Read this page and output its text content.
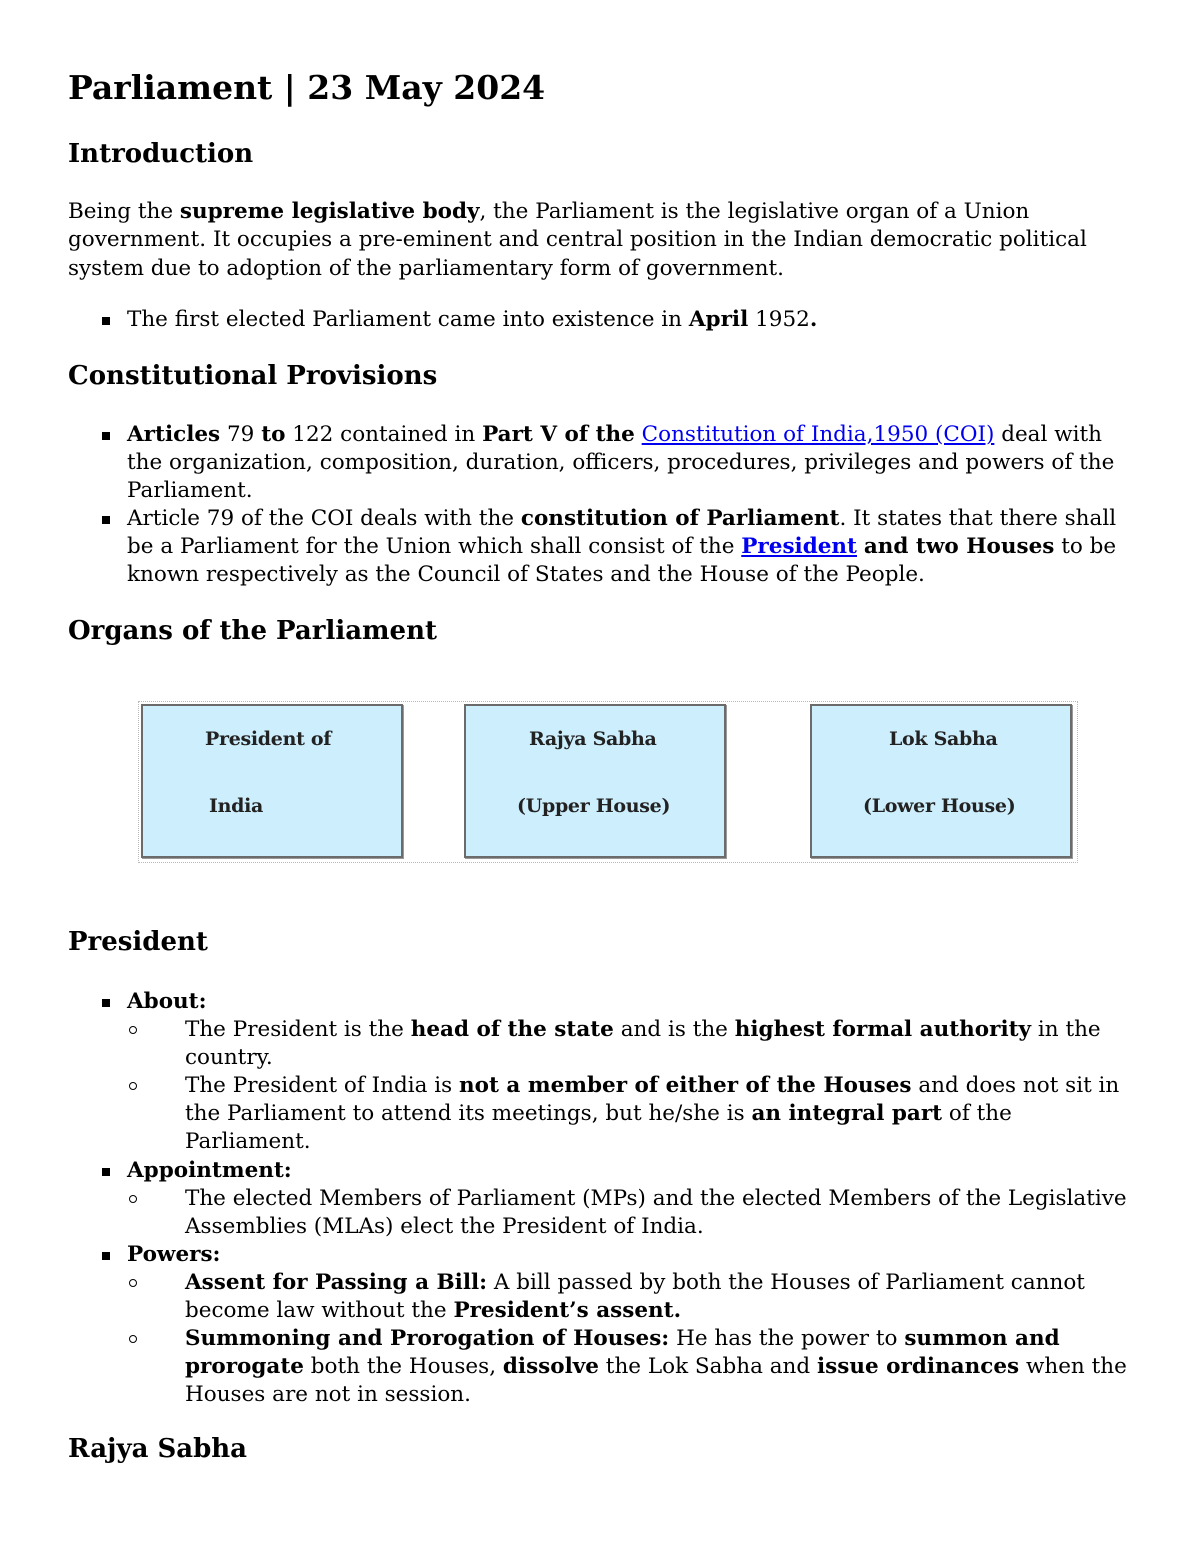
Parliament | 23 May 2024
Introduction

Being the supreme legislative body, the Parliament is the legislative organ of a Union government. It occupies a pre-eminent and central position in the Indian democratic political system due to adoption of the parliamentary form of government.

The first elected Parliament came into existence in April 1952.
Constitutional Provisions
Articles 79 to 122 contained in Part V of the Constitution of India,1950 (COI) deal with the organization, composition, duration, officers, procedures, privileges and powers of the Parliament.
Article 79 of the COI deals with the constitution of Parliament. It states that there shall be a Parliament for the Union which shall consist of the President and two Houses to be known respectively as the Council of States and the House of the People.
Organs of the Parliament
President of
India
Rajya Sabha
(Upper House)
Lok Sabha
(Lower House)
President
About:
The President is the head of the state and is the highest formal authority in the country.
The President of India is not a member of either of the Houses and does not sit in the Parliament to attend its meetings, but he/she is an integral part of the Parliament.
Appointment:
The elected Members of Parliament (MPs) and the elected Members of the Legislative Assemblies (MLAs) elect the President of India.
Powers:
Assent for Passing a Bill: A bill passed by both the Houses of Parliament cannot become law without the President’s assent.
Summoning and Prorogation of Houses: He has the power to summon and prorogate both the Houses, dissolve the Lok Sabha and issue ordinances when the Houses are not in session.
Rajya Sabha
